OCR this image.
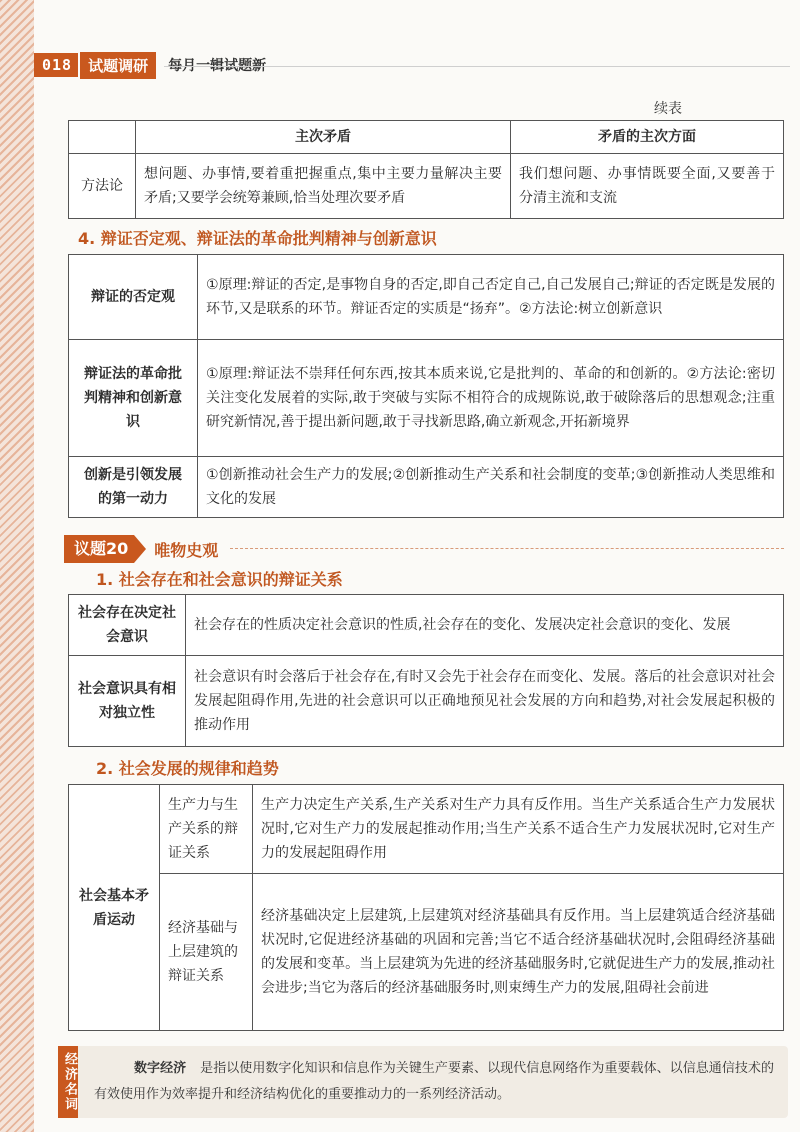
018	试题调研	每月一辑试题新
续表
	主次矛盾	矛盾的主次方面
方法论	想问题、办事情,要着重把握重点,集中主要力量解决主要矛盾;又要学会统筹兼顾,恰当处理次要矛盾	我们想问题、办事情既要全面,又要善于分清主流和支流
4. 辩证否定观、辩证法的革命批判精神与创新意识
辩证的否定观	①原理:辩证的否定,是事物自身的否定,即自己否定自己,自己发展自己;辩证的否定既是发展的环节,又是联系的环节。辩证否定的实质是“扬弃”。②方法论:树立创新意识
辩证法的革命批判精神和创新意识	①原理:辩证法不崇拜任何东西,按其本质来说,它是批判的、革命的和创新的。②方法论:密切关注变化发展着的实际,敢于突破与实际不相符合的成规陈说,敢于破除落后的思想观念;注重研究新情况,善于提出新问题,敢于寻找新思路,确立新观念,开拓新境界
创新是引领发展的第一动力	①创新推动社会生产力的发展;②创新推动生产关系和社会制度的变革;③创新推动人类思维和文化的发展
议题20	唯物史观
1. 社会存在和社会意识的辩证关系
社会存在决定社会意识	社会存在的性质决定社会意识的性质,社会存在的变化、发展决定社会意识的变化、发展
社会意识具有相对独立性	社会意识有时会落后于社会存在,有时又会先于社会存在而变化、发展。落后的社会意识对社会发展起阻碍作用,先进的社会意识可以正确地预见社会发展的方向和趋势,对社会发展起积极的推动作用
2. 社会发展的规律和趋势
社会基本矛盾运动	生产力与生产关系的辩证关系	生产力决定生产关系,生产关系对生产力具有反作用。当生产关系适合生产力发展状况时,它对生产力的发展起推动作用;当生产关系不适合生产力发展状况时,它对生产力的发展起阻碍作用
	经济基础与上层建筑的辩证关系	经济基础决定上层建筑,上层建筑对经济基础具有反作用。当上层建筑适合经济基础状况时,它促进经济基础的巩固和完善;当它不适合经济基础状况时,会阻碍经济基础的发展和变革。当上层建筑为先进的经济基础服务时,它就促进生产力的发展,推动社会进步;当它为落后的经济基础服务时,则束缚生产力的发展,阻碍社会前进
经济名词	数字经济 是指以使用数字化知识和信息作为关键生产要素、以现代信息网络作为重要载体、以信息通信技术的有效使用作为效率提升和经济结构优化的重要推动力的一系列经济活动。
